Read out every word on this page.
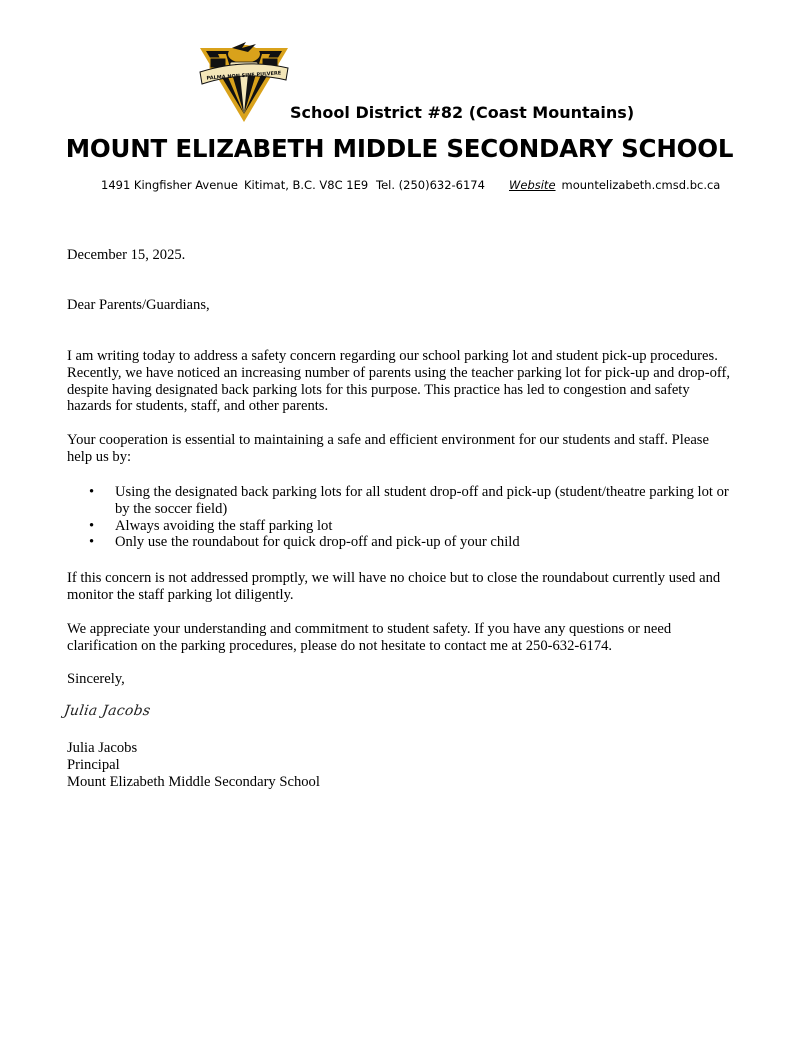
PALMA NON SINE PULVERE
School District #82 (Coast Mountains)
MOUNT ELIZABETH MIDDLE SECONDARY SCHOOL
1491 Kingfisher Avenue Kitimat, B.C. V8C 1E9 Tel. (250)632-6174 Website mountelizabeth.cmsd.bc.ca

December 15, 2025.

Dear Parents/Guardians,

I am writing today to address a safety concern regarding our school parking lot and student pick-up procedures. Recently, we have noticed an increasing number of parents using the teacher parking lot for pick-up and drop-off, despite having designated back parking lots for this purpose. This practice has led to congestion and safety hazards for students, staff, and other parents.

Your cooperation is essential to maintaining a safe and efficient environment for our students and staff. Please help us by:

• Using the designated back parking lots for all student drop-off and pick-up (student/theatre parking lot or by the soccer field)
• Always avoiding the staff parking lot
• Only use the roundabout for quick drop-off and pick-up of your child

If this concern is not addressed promptly, we will have no choice but to close the roundabout currently used and monitor the staff parking lot diligently.

We appreciate your understanding and commitment to student safety. If you have any questions or need clarification on the parking procedures, please do not hesitate to contact me at 250-632-6174.

Sincerely,

Julia Jacobs

Julia Jacobs

Principal

Mount Elizabeth Middle Secondary School
